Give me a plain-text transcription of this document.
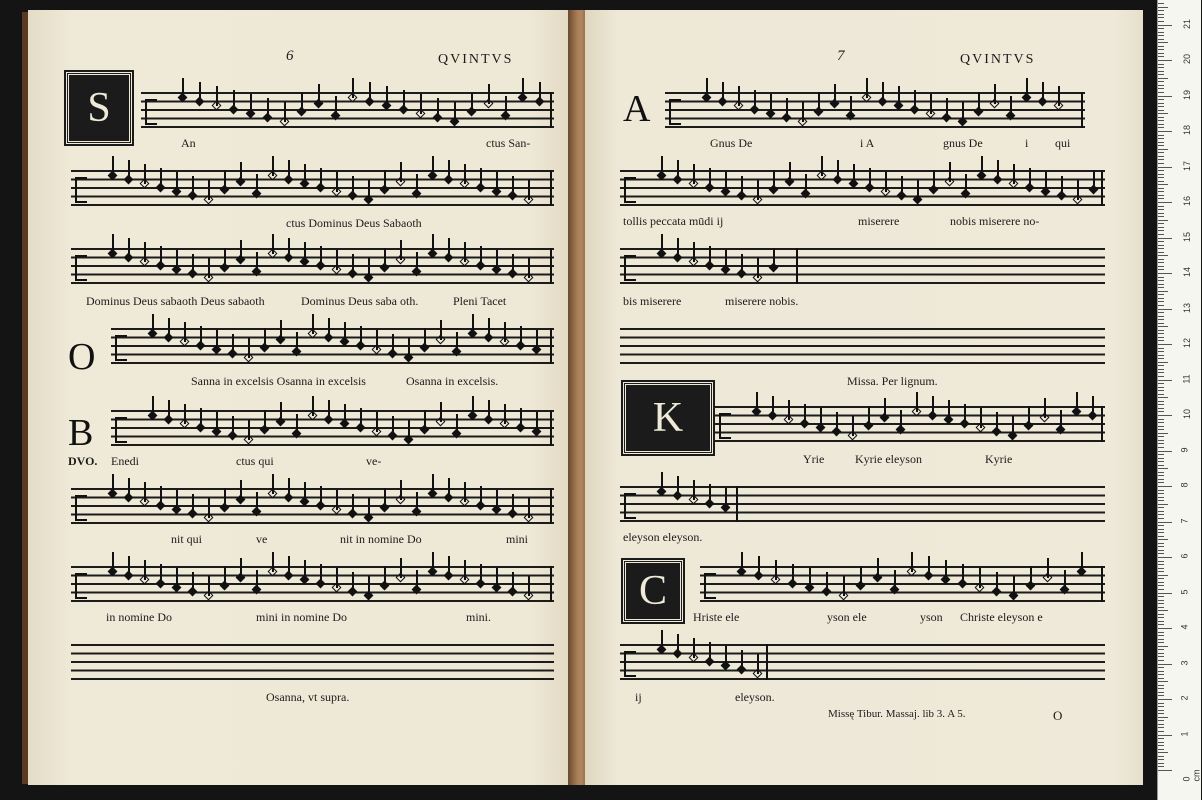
6	QVINTVS
S
O
B
An	ctus San-
ctus Dominus Deus Sabaoth
Dominus Deus sabaoth Deus sabaoth	Dominus Deus saba oth.	Pleni Tacet
Sanna in excelsis Osanna in excelsis	Osanna in excelsis.
DVO. Enedi	ctus qui	ve-
nit qui	ve	nit in nomine Do	mini
in nomine Do	mini in nomine Do	mini.
Osanna, vt supra.
7	QVINTVS
A
K
C
Gnus De	i A	gnus De	i qui
tollis peccata mūdi ij	miserere	nobis miserere no-
bis miserere	miserere nobis.
Missa. Per lignum.
Yrie	Kyrie eleyson	Kyrie
eleyson eleyson.
Hriste ele	yson ele	yson Christe eleyson e
ij	eleyson.
Missę Tibur. Massaj. lib 3. A 5.	O
0 cm
1
2
3
4
5
6
7
8
9
10
11
12
13
14
15
16
17
18
19
20
21
